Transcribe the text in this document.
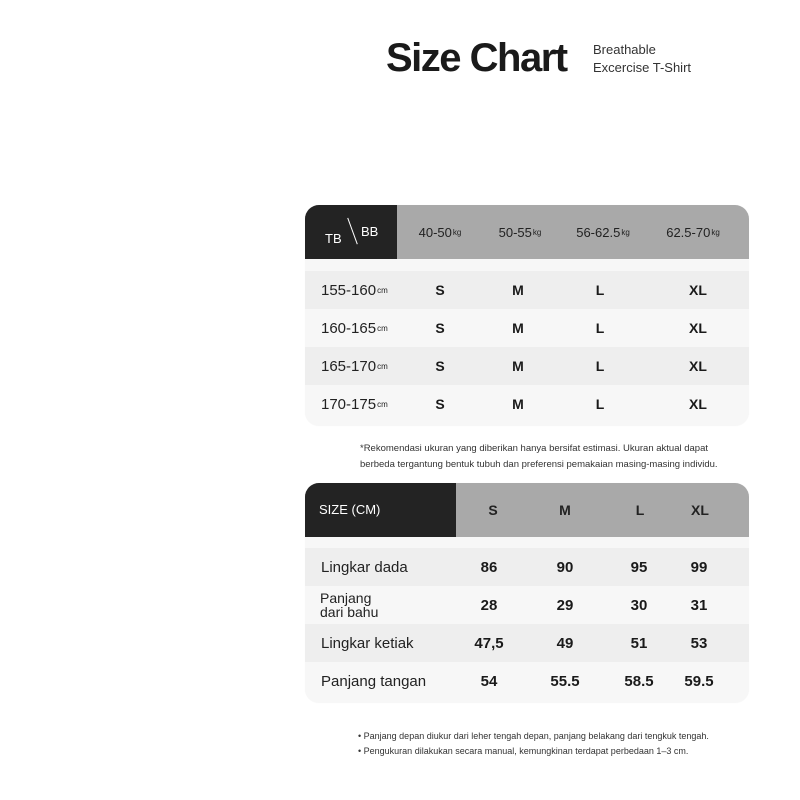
Size Chart Breathable
Excercise T-Shirt
TB BB	40-50 kg	50-55 kg	56-62.5 kg	62.5-70 kg
155-160 cm	S	M	L	XL
160-165 cm	S	M	L	XL
165-170 cm	S	M	L	XL
170-175 cm	S	M	L	XL
*Rekomendasi ukuran yang diberikan hanya bersifat estimasi. Ukuran aktual dapat
berbeda tergantung bentuk tubuh dan preferensi pemakaian masing-masing individu.
SIZE (CM)	S	M	L	XL
Lingkar dada	86	90	95	99
Panjang
dari bahu	28	29	30	31
Lingkar ketiak	47,5	49	51	53
Panjang tangan	54	55.5	58.5	59.5
• Panjang depan diukur dari leher tengah depan, panjang belakang dari tengkuk tengah.
• Pengukuran dilakukan secara manual, kemungkinan terdapat perbedaan 1–3 cm.
